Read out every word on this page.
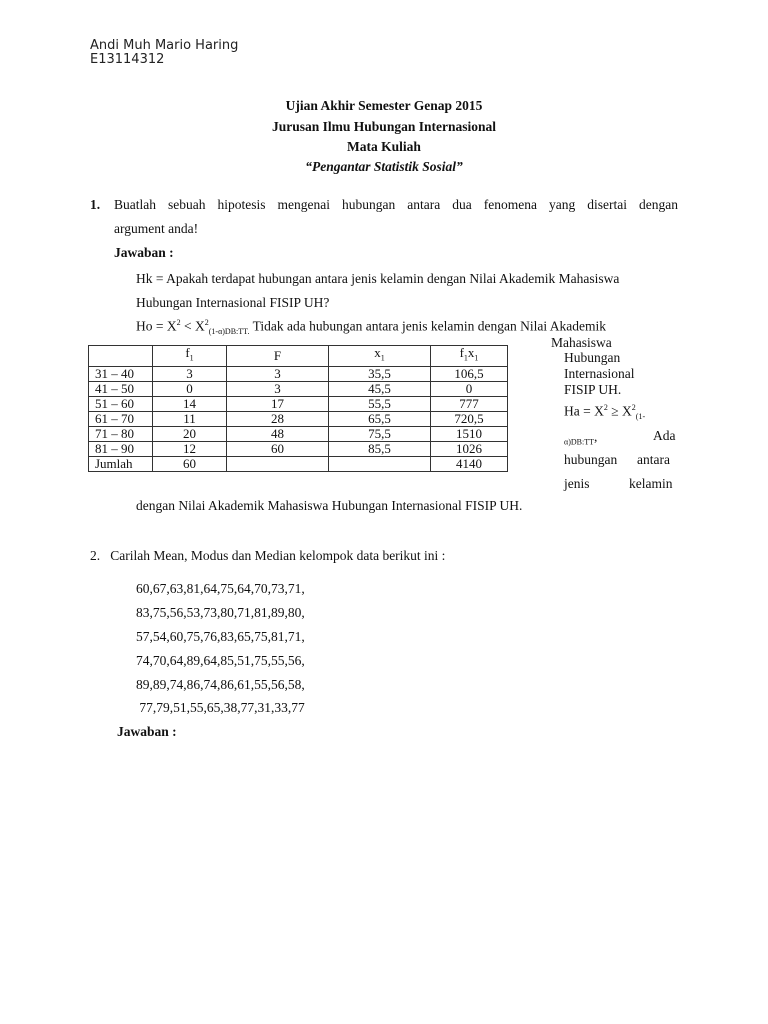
Andi Muh Mario Haring
E13114312
Ujian Akhir Semester Genap 2015
Jurusan Ilmu Hubungan Internasional
Mata Kuliah
“Pengantar Statistik Sosial”
1. Buatlah sebuah hipotesis mengenai hubungan antara dua fenomena yang disertai dengan
argument anda!
Jawaban :
Hk = Apakah terdapat hubungan antara jenis kelamin dengan Nilai Akademik Mahasiswa
Hubungan Internasional FISIP UH?
$Ho = X^2 < X^2_{(1-\alpha)DB:TT.}$ Tidak ada hubungan antara jenis kelamin dengan Nilai Akademik
Mahasiswa
Hubungan
Internasional
FISIP UH.
$Ha = X^2 \ge X^2_{(1-}$
$_{\alpha)DB:TT}$,	Ada
hubungan antara
jenis	kelamin
	$f_1$	F	$x_1$	$f_1x_1$
31 – 40	3	3	35,5	106,5
41 – 50	0	3	45,5	0
51 – 60	14	17	55,5	777
61 – 70	11	28	65,5	720,5
71 – 80	20	48	75,5	1510
81 – 90	12	60	85,5	1026
Jumlah	60			4140
dengan Nilai Akademik Mahasiswa Hubungan Internasional FISIP UH.
2.   Carilah Mean, Modus dan Median kelompok data berikut ini :
60,67,63,81,64,75,64,70,73,71,
83,75,56,53,73,80,71,81,89,80,
57,54,60,75,76,83,65,75,81,71,
74,70,64,89,64,85,51,75,55,56,
89,89,74,86,74,86,61,55,56,58,
77,79,51,55,65,38,77,31,33,77
Jawaban :
